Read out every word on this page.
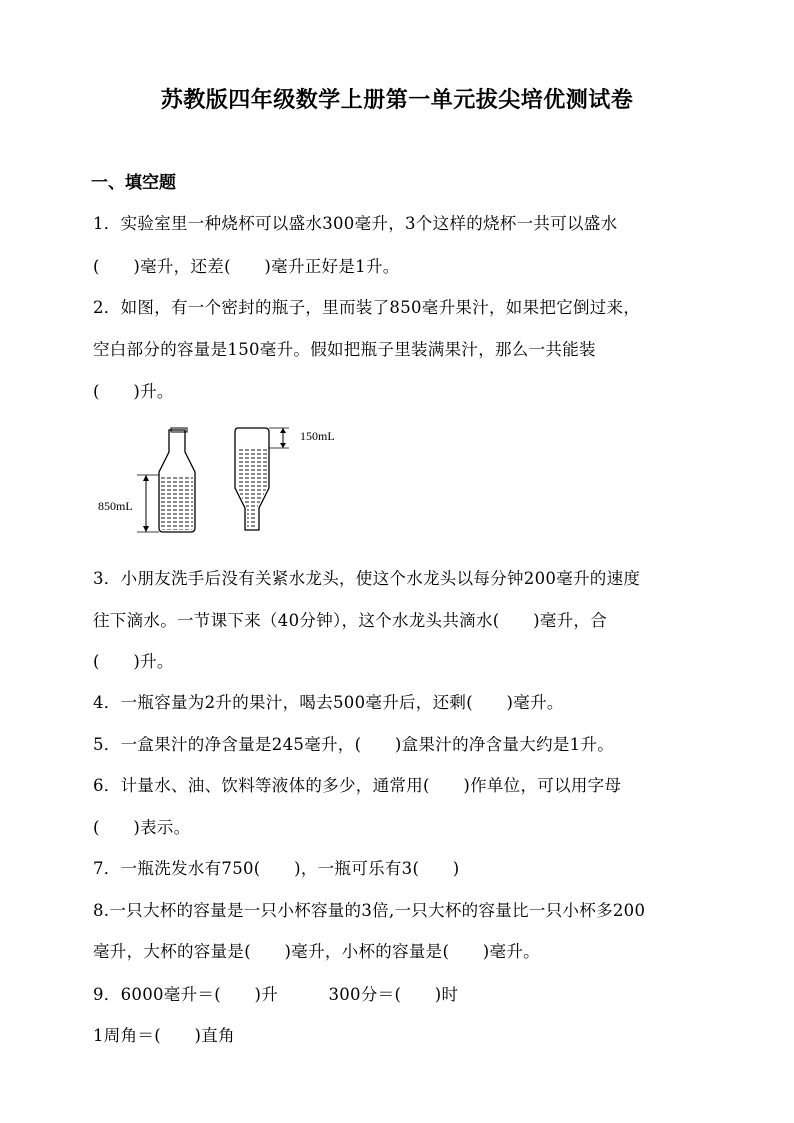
苏教版四年级数学上册第一单元拔尖培优测试卷
一、填空题
1．实验室里一种烧杯可以盛水300毫升，3个这样的烧杯一共可以盛水
(　　)毫升，还差(　　)毫升正好是1升。
2．如图，有一个密封的瓶子，里而装了850毫升果汁，如果把它倒过来，
空白部分的容量是150毫升。假如把瓶子里装满果汁，那么一共能装
(　　)升。
850mL
150mL
3．小朋友洗手后没有关紧水龙头，使这个水龙头以每分钟200毫升的速度
往下滴水。一节课下来（40分钟），这个水龙头共滴水(　　)毫升，合
(　　)升。
4．一瓶容量为2升的果汁，喝去500毫升后，还剩(　　)毫升。
5．一盒果汁的净含量是245毫升，(　　)盒果汁的净含量大约是1升。
6．计量水、油、饮料等液体的多少，通常用(　　)作单位，可以用字母
(　　)表示。
7．一瓶洗发水有750(　　)，一瓶可乐有3(　　)
8.一只大杯的容量是一只小杯容量的3倍,一只大杯的容量比一只小杯多200
毫升，大杯的容量是(　　)毫升，小杯的容量是(　　)毫升。
9．6000毫升＝(　　)升　　　300分＝(　　)时
1周角＝(　　)直角
